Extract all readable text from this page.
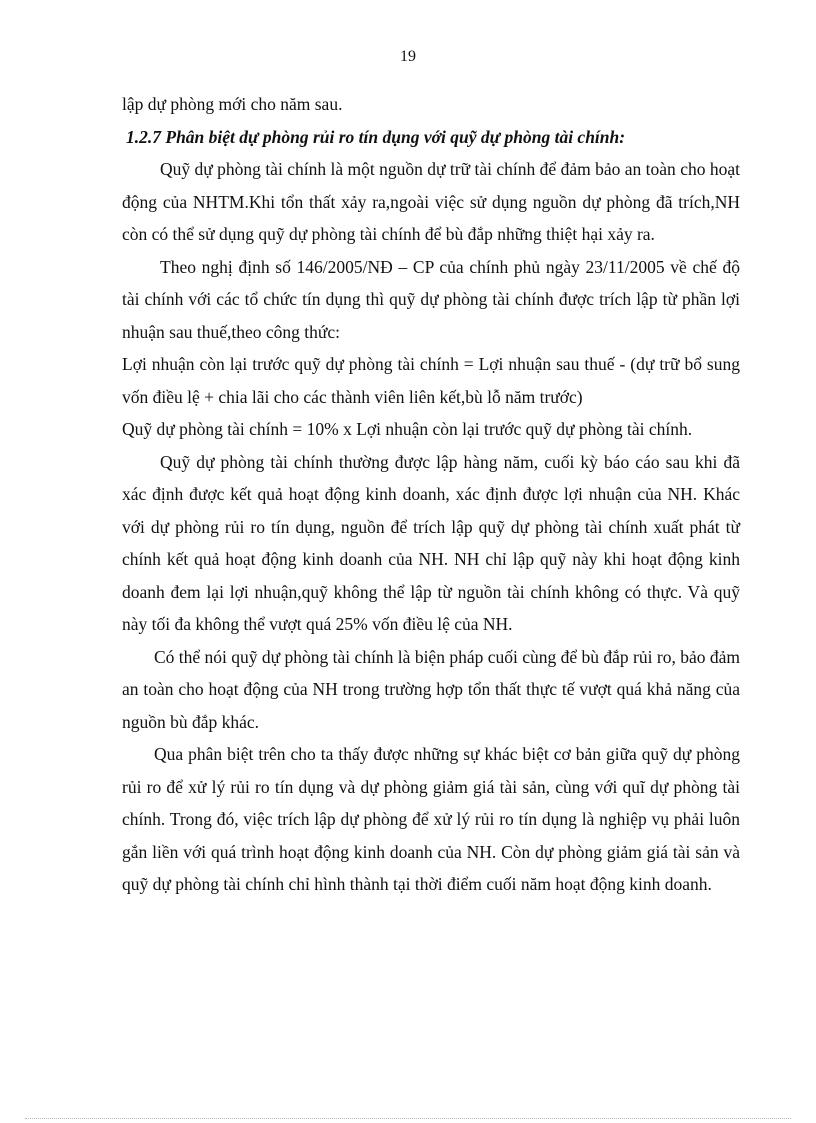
19

lập dự phòng mới cho năm sau.

1.2.7 Phân biệt dự phòng rủi ro tín dụng với quỹ dự phòng tài chính:

Quỹ dự phòng tài chính là một nguồn dự trữ tài chính để đảm bảo an toàn cho hoạt động của NHTM.Khi tổn thất xảy ra,ngoài việc sử dụng nguồn dự phòng đã trích,NH còn có thể sử dụng quỹ dự phòng tài chính để bù đắp những thiệt hại xảy ra.

Theo nghị định số 146/2005/NĐ – CP của chính phủ ngày 23/11/2005 về chế độ tài chính với các tổ chức tín dụng thì quỹ dự phòng tài chính được trích lập từ phần lợi nhuận sau thuế,theo công thức:

Lợi nhuận còn lại trước quỹ dự phòng tài chính = Lợi nhuận sau thuế - (dự trữ bổ sung vốn điều lệ + chia lãi cho các thành viên liên kết,bù lỗ năm trước)

Quỹ dự phòng tài chính = 10% x Lợi nhuận còn lại trước quỹ dự phòng tài chính.

Quỹ dự phòng tài chính thường được lập hàng năm, cuối kỳ báo cáo sau khi đã xác định được kết quả hoạt động kinh doanh, xác định được lợi nhuận của NH. Khác với dự phòng rủi ro tín dụng, nguồn để trích lập quỹ dự phòng tài chính xuất phát từ chính kết quả hoạt động kinh doanh của NH. NH chỉ lập quỹ này khi hoạt động kinh doanh đem lại lợi nhuận,quỹ không thể lập từ nguồn tài chính không có thực. Và quỹ này tối đa không thể vượt quá 25% vốn điều lệ của NH.

Có thể nói quỹ dự phòng tài chính là biện pháp cuối cùng để bù đắp rủi ro, bảo đảm an toàn cho hoạt động của NH trong trường hợp tổn thất thực tế vượt quá khả năng của nguồn bù đắp khác.

Qua phân biệt trên cho ta thấy được những sự khác biệt cơ bản giữa quỹ dự phòng rủi ro để xử lý rủi ro tín dụng và dự phòng giảm giá tài sản, cùng với quĩ dự phòng tài chính. Trong đó, việc trích lập dự phòng để xử lý rủi ro tín dụng là nghiệp vụ phải luôn gắn liền với quá trình hoạt động kinh doanh của NH. Còn dự phòng giảm giá tài sản và quỹ dự phòng tài chính chỉ hình thành tại thời điểm cuối năm hoạt động kinh doanh.
